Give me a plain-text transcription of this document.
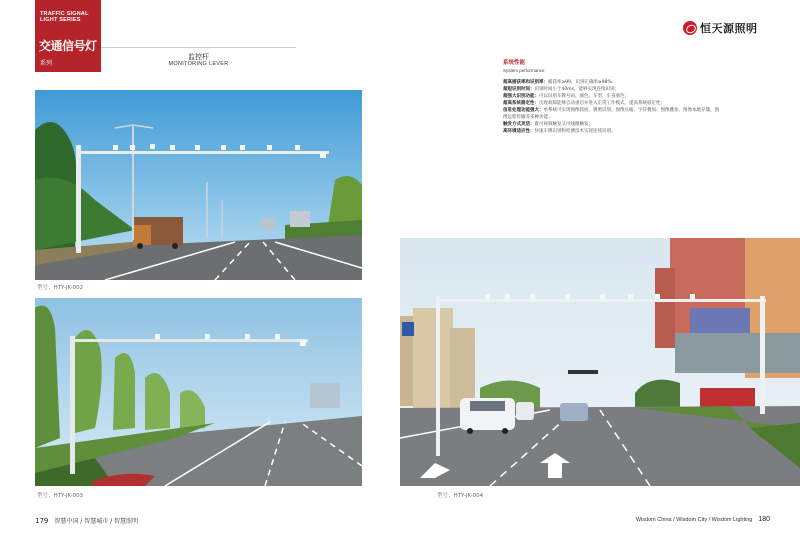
TRAFFIC SIGNAL
LIGHT SERIES
交通信号灯
系列
监控杆
MONITORING LEVER
恒天源照明
系统性能
System performance
超高捕获率和识别率：捕获率≥99，识别正确率≥98%；
超短识别时间：识别时间小于40ms，能够实现连续识别；
超强大识别功能：可以识别车牌号码、颜色、车型、车身颜色；
超高系统稳定性：出现故障能够自动重启并进入正常工作模式，提高系统稳定性；
信息处理功能强大：单系统可实现图像抓拍、牌照识别、图像压缩、字符叠加、图像叠加、图像本地存储、图
像远程传输等多种功能；
触发方式灵活：既可视频触发又可线圈触发；
高环境适应性：快速车牌识别和检测技术实现连续识别。
型号：HTY-JK-002
型号：HTY-JK-003	型号：HTY-JK-004
179 智慧中国 / 智慧城市 / 智慧照明	Wisdom China / Wisdom City / Wisdom Lighting 180
